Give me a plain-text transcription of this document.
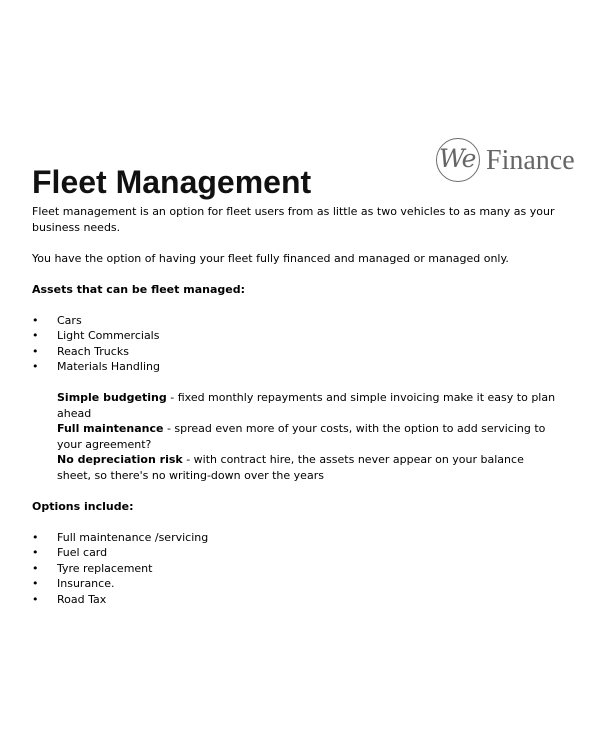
We Finance
Fleet Management

Fleet management is an option for fleet users from as little as two vehicles to as many as your business needs.

You have the option of having your fleet fully financed and managed or managed only.

Assets that can be fleet managed:

• Cars
• Light Commercials
• Reach Trucks
• Materials Handling

Simple budgeting - fixed monthly repayments and simple invoicing make it easy to plan ahead

Full maintenance - spread even more of your costs, with the option to add servicing to your agreement?

No depreciation risk - with contract hire, the assets never appear on your balance sheet, so there's no writing-down over the years

Options include:

• Full maintenance /servicing
• Fuel card
• Tyre replacement
• Insurance.
• Road Tax
